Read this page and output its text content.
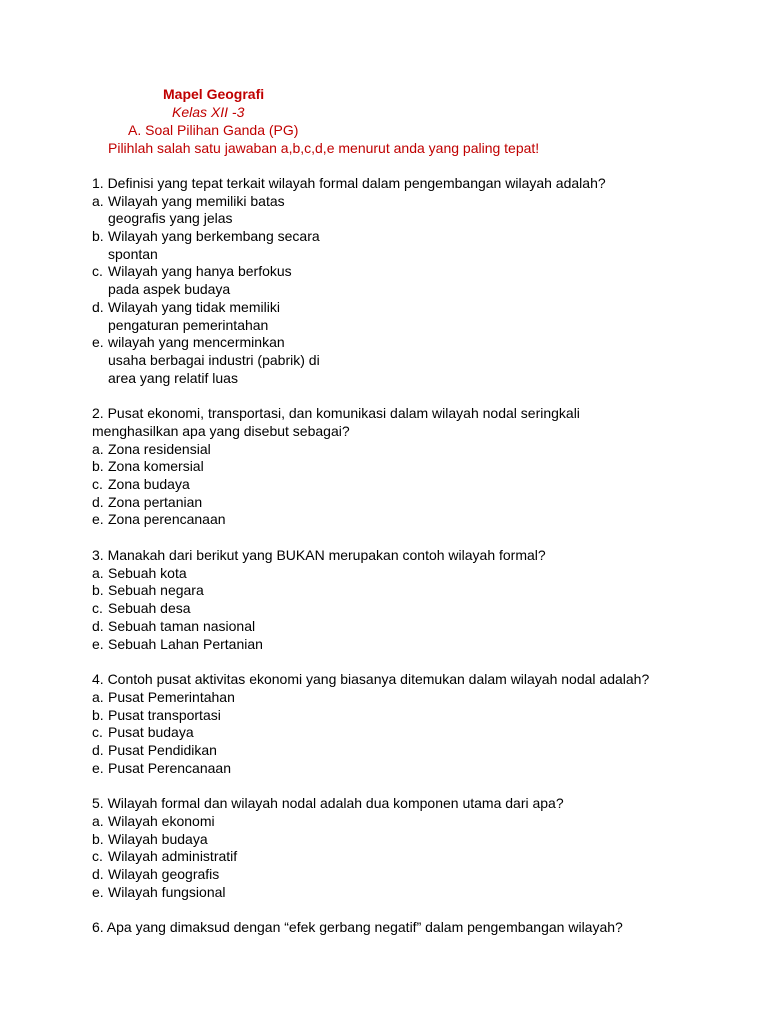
Mapel Geografi
Kelas XII -3
A. Soal Pilihan Ganda (PG)
Pilihlah salah satu jawaban a,b,c,d,e menurut anda yang paling tepat!
1. Definisi yang tepat terkait wilayah formal dalam pengembangan wilayah adalah?
a. Wilayah yang memiliki batas
geografis yang jelas
b. Wilayah yang berkembang secara
spontan
c. Wilayah yang hanya berfokus
pada aspek budaya
d. Wilayah yang tidak memiliki
pengaturan pemerintahan
e. wilayah yang mencerminkan
usaha berbagai industri (pabrik) di
area yang relatif luas
2. Pusat ekonomi, transportasi, dan komunikasi dalam wilayah nodal seringkali
menghasilkan apa yang disebut sebagai?
a. Zona residensial
b. Zona komersial
c. Zona budaya
d. Zona pertanian
e. Zona perencanaan
3. Manakah dari berikut yang BUKAN merupakan contoh wilayah formal?
a. Sebuah kota
b. Sebuah negara
c. Sebuah desa
d. Sebuah taman nasional
e. Sebuah Lahan Pertanian
4. Contoh pusat aktivitas ekonomi yang biasanya ditemukan dalam wilayah nodal adalah?
a. Pusat Pemerintahan
b. Pusat transportasi
c. Pusat budaya
d. Pusat Pendidikan
e. Pusat Perencanaan
5. Wilayah formal dan wilayah nodal adalah dua komponen utama dari apa?
a. Wilayah ekonomi
b. Wilayah budaya
c. Wilayah administratif
d. Wilayah geografis
e. Wilayah fungsional
6. Apa yang dimaksud dengan “efek gerbang negatif” dalam pengembangan wilayah?
